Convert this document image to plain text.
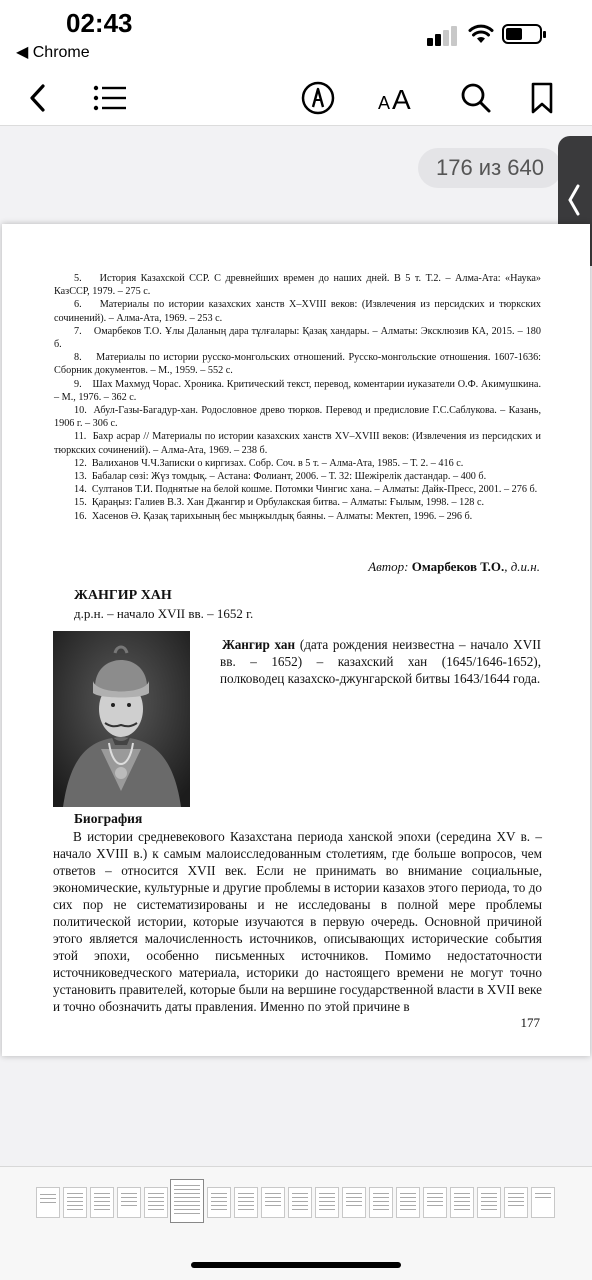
02:43
◀ Chrome
A A
176 из 640

5.    История Казахской ССР. С древнейших времен до наших дней. В 5 т. Т.2. – Алма-Ата: «Наука» КазССР, 1979. – 275 с.

6.    Материалы по истории казахских ханств X–XVIII веков: (Извлечения из персидских и тюркских сочинений). – Алма-Ата, 1969. – 253 с.

7.    Омарбеков Т.О. Ұлы Даланың дара тұлғалары: Қазақ хандары. – Алматы: Эксклюзив КА, 2015. – 180 б.

8.    Материалы по истории русско-монгольских отношений. Русско-монгольские отношения. 1607-1636: Сборник документов. – М., 1959. – 552 с.

9.    Шах Махмуд Чорас. Хроника. Критический текст, перевод, коментарии иуказатели О.Ф. Акимушкина. – М., 1976. – 362 с.

10.  Абул-Газы-Багадур-хан. Родословное древо тюрков. Перевод и предисловие Г.С.Саблукова. – Казань, 1906 г. – 306 с.

11.  Бахр асрар // Материалы по истории казахских ханств XV–XVIII веков: (Извлечения из персидских и тюркских сочинений). – Алма-Ата, 1969. – 238 б.

12.  Валиханов Ч.Ч.Записки о киргизах. Собр. Соч. в 5 т. – Алма-Ата, 1985. – Т. 2. – 416 с.

13.  Бабалар сөзі: Жүз томдық. – Астана: Фолиант, 2006. – Т. 32: Шежірелік дастандар. – 400 б.

14.  Султанов Т.И. Поднятые на белой кошме. Потомки Чингис хана. – Алматы: Дайк-Пресс, 2001. – 276 б.

15.  Қараңыз: Галиев В.З. Хан Джангир и Орбулакская битва. – Алматы: Ғылым, 1998. – 128 с.

16.  Хасенов Ә. Қазақ тарихының бес мыңжылдық баяны. – Алматы: Мектеп, 1996. – 296 б.

Автор: Омарбеков Т.О., д.и.н.
ЖАНГИР ХАН
д.р.н. – начало XVII вв. – 1652 г.
Жангир хан (дата рождения неизвестна – начало XVII вв. – 1652) – казахский хан (1645/1646-1652), полководец казахско-джунгарской битвы 1643/1644 года.
Биография
В истории средневекового Казахстана периода ханской эпохи (середина XV в. – начало XVIII в.) к самым малоисследованным столетиям, где больше вопросов, чем ответов – относится XVII век. Если не принимать во внимание социальные, экономические, культурные и другие проблемы в истории казахов этого периода, то до сих пор не систематизированы и не исследованы в полной мере проблемы политической истории, которые изучаются в первую очередь. Основной причиной этого является малочисленность источников, описывающих исторические события этой эпохи, особенно письменных источников. Помимо недостаточности источниковедческого материала, историки до настоящего времени не могут точно установить правителей, которые были на вершине государственной власти в XVII веке и точно обозначить даты правления. Именно по этой причине в
177
